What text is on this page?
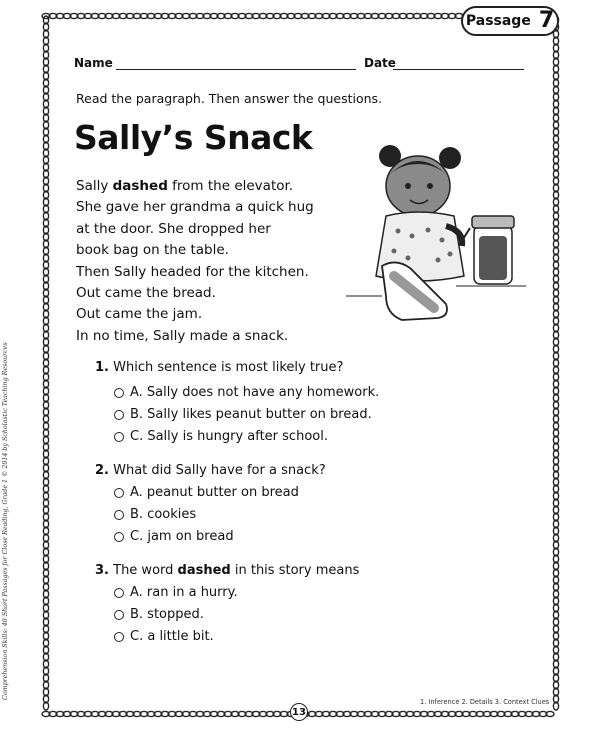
Passage 7
Name	Date
Read the paragraph. Then answer the questions.
Sally’s Snack
Sally dashed from the elevator.
She gave her grandma a quick hug
at the door. She dropped her
book bag on the table.
Then Sally headed for the kitchen.
Out came the bread.
Out came the jam.
In no time, Sally made a snack.
1. Which sentence is most likely true?
A. Sally does not have any homework.
B. Sally likes peanut butter on bread.
C. Sally is hungry after school.
2. What did Sally have for a snack?
A. peanut butter on bread
B. cookies
C. jam on bread
3. The word dashed in this story means
A. ran in a hurry.
B. stopped.
C. a little bit.
Comprehension Skills: 40 Short Passages for Close Reading, Grade 1 © 2014 by Scholastic Teaching Resources
1. Inference 2. Details 3. Context Clues
13
